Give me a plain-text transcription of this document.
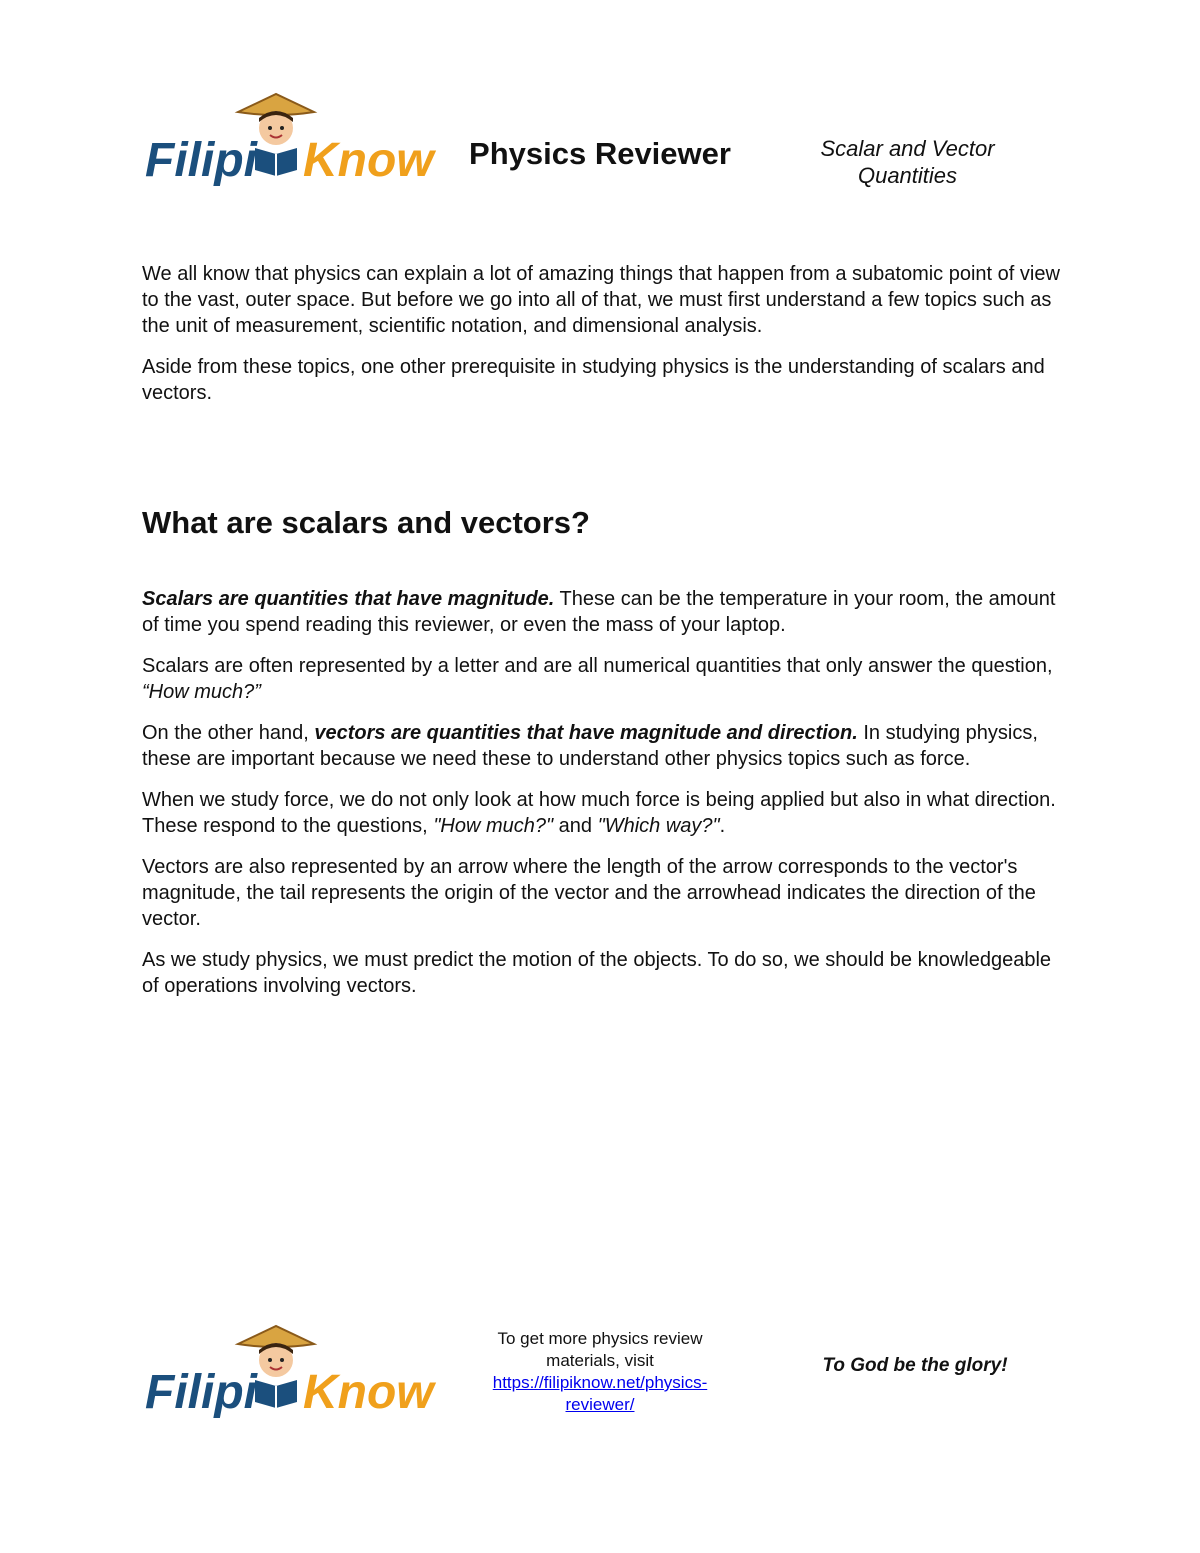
Filipi Know	Physics Reviewer	Scalar and Vector
Quantities

We all know that physics can explain a lot of amazing things that happen from a subatomic point of view to the vast, outer space. But before we go into all of that, we must first understand a few topics such as the unit of measurement, scientific notation, and dimensional analysis.

Aside from these topics, one other prerequisite in studying physics is the understanding of scalars and vectors.

What are scalars and vectors?

Scalars are quantities that have magnitude. These can be the temperature in your room, the amount of time you spend reading this reviewer, or even the mass of your laptop.

Scalars are often represented by a letter and are all numerical quantities that only answer the question, “How much?”

On the other hand, vectors are quantities that have magnitude and direction. In studying physics, these are important because we need these to understand other physics topics such as force.

When we study force, we do not only look at how much force is being applied but also in what direction. These respond to the questions, "How much?" and "Which way?".

Vectors are also represented by an arrow where the length of the arrow corresponds to the vector's magnitude, the tail represents the origin of the vector and the arrowhead indicates the direction of the vector.

As we study physics, we must predict the motion of the objects. To do so, we should be knowledgeable of operations involving vectors.

Filipi Know
To get more physics review
materials, visit
https://filipiknow.net/physics-
reviewer/
To God be the glory!
